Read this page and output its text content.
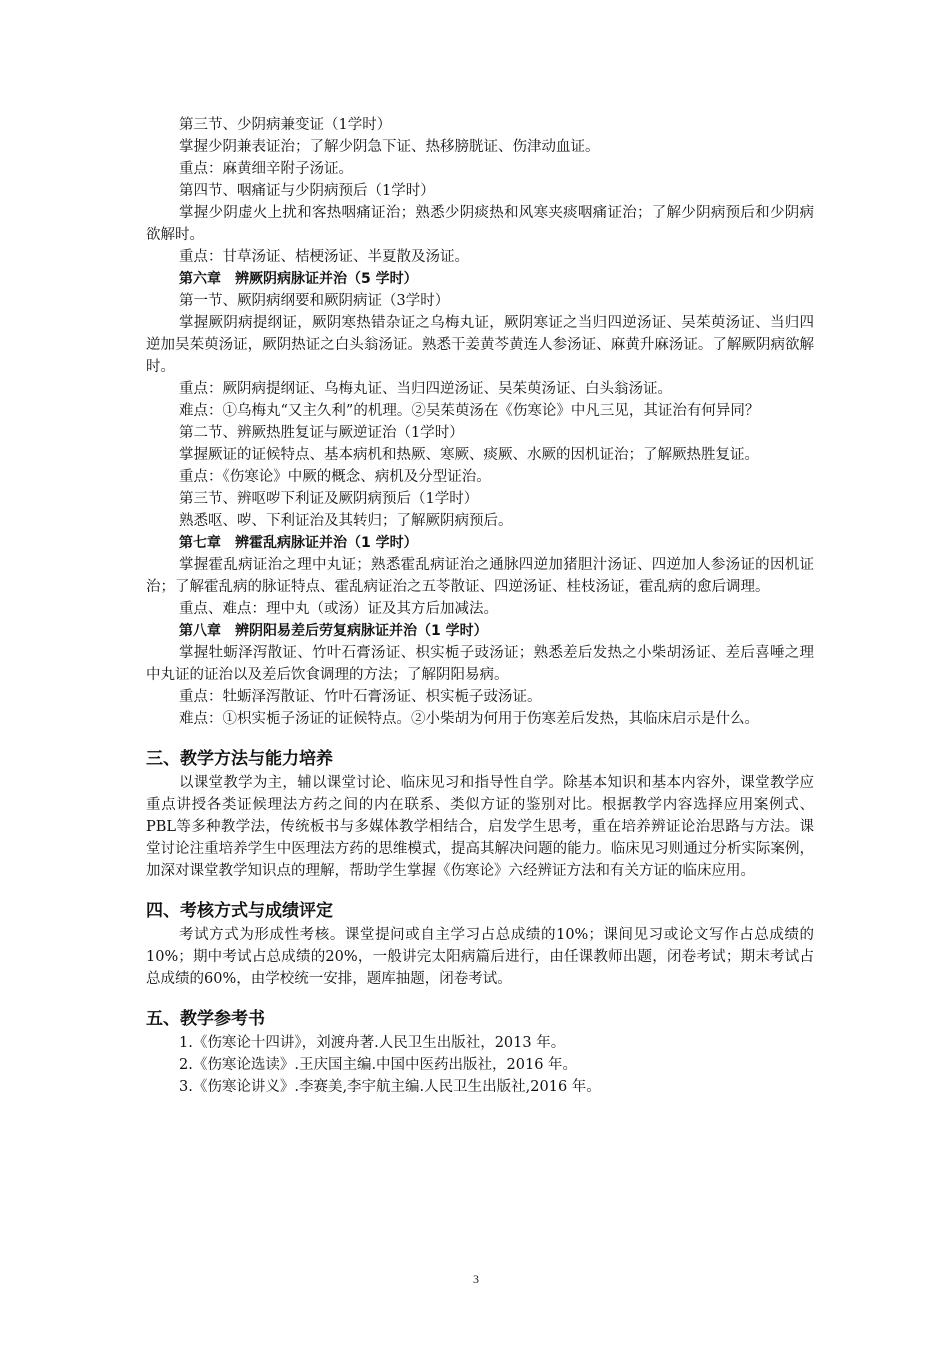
第三节、少阴病兼变证（1学时）

掌握少阴兼表证治；了解少阴急下证、热移膀胱证、伤津动血证。

重点：麻黄细辛附子汤证。

第四节、咽痛证与少阴病预后（1学时）

掌握少阴虚火上扰和客热咽痛证治；熟悉少阴痰热和风寒夹痰咽痛证治；了解少阴病预后和少阴病欲解时。

重点：甘草汤证、桔梗汤证、半夏散及汤证。

第六章　辨厥阴病脉证并治（5 学时）

第一节、厥阴病纲要和厥阴病证（3学时）

掌握厥阴病提纲证，厥阴寒热错杂证之乌梅丸证，厥阴寒证之当归四逆汤证、吴茱萸汤证、当归四逆加吴茱萸汤证，厥阴热证之白头翁汤证。熟悉干姜黄芩黄连人参汤证、麻黄升麻汤证。了解厥阴病欲解时。

重点：厥阴病提纲证、乌梅丸证、当归四逆汤证、吴茱萸汤证、白头翁汤证。

难点：①乌梅丸“又主久利”的机理。②吴茱萸汤在《伤寒论》中凡三见，其证治有何异同？

第二节、辨厥热胜复证与厥逆证治（1学时）

掌握厥证的证候特点、基本病机和热厥、寒厥、痰厥、水厥的因机证治；了解厥热胜复证。

重点：《伤寒论》中厥的概念、病机及分型证治。

第三节、辨呕哕下利证及厥阴病预后（1学时）

熟悉呕、哕、下利证治及其转归；了解厥阴病预后。

第七章　辨霍乱病脉证并治（1 学时）

掌握霍乱病证治之理中丸证；熟悉霍乱病证治之通脉四逆加猪胆汁汤证、四逆加人参汤证的因机证治；了解霍乱病的脉证特点、霍乱病证治之五苓散证、四逆汤证、桂枝汤证，霍乱病的愈后调理。

重点、难点：理中丸（或汤）证及其方后加减法。

第八章　辨阴阳易差后劳复病脉证并治（1 学时）

掌握牡蛎泽泻散证、竹叶石膏汤证、枳实栀子豉汤证；熟悉差后发热之小柴胡汤证、差后喜唾之理中丸证的证治以及差后饮食调理的方法；了解阴阳易病。

重点：牡蛎泽泻散证、竹叶石膏汤证、枳实栀子豉汤证。

难点：①枳实栀子汤证的证候特点。②小柴胡为何用于伤寒差后发热，其临床启示是什么。

三、教学方法与能力培养

以课堂教学为主，辅以课堂讨论、临床见习和指导性自学。除基本知识和基本内容外，课堂教学应重点讲授各类证候理法方药之间的内在联系、类似方证的鉴别对比。根据教学内容选择应用案例式、PBL等多种教学法，传统板书与多媒体教学相结合，启发学生思考，重在培养辨证论治思路与方法。课堂讨论注重培养学生中医理法方药的思维模式，提高其解决问题的能力。临床见习则通过分析实际案例，加深对课堂教学知识点的理解，帮助学生掌握《伤寒论》六经辨证方法和有关方证的临床应用。

四、考核方式与成绩评定

考试方式为形成性考核。课堂提问或自主学习占总成绩的10%；课间见习或论文写作占总成绩的10%；期中考试占总成绩的20%，一般讲完太阳病篇后进行，由任课教师出题，闭卷考试；期末考试占总成绩的60%，由学校统一安排，题库抽题，闭卷考试。

五、教学参考书

1.《伤寒论十四讲》，刘渡舟著.人民卫生出版社，2013 年。

2.《伤寒论选读》.王庆国主编.中国中医药出版社，2016 年。

3.《伤寒论讲义》.李赛美,李宇航主编.人民卫生出版社,2016 年。

3
